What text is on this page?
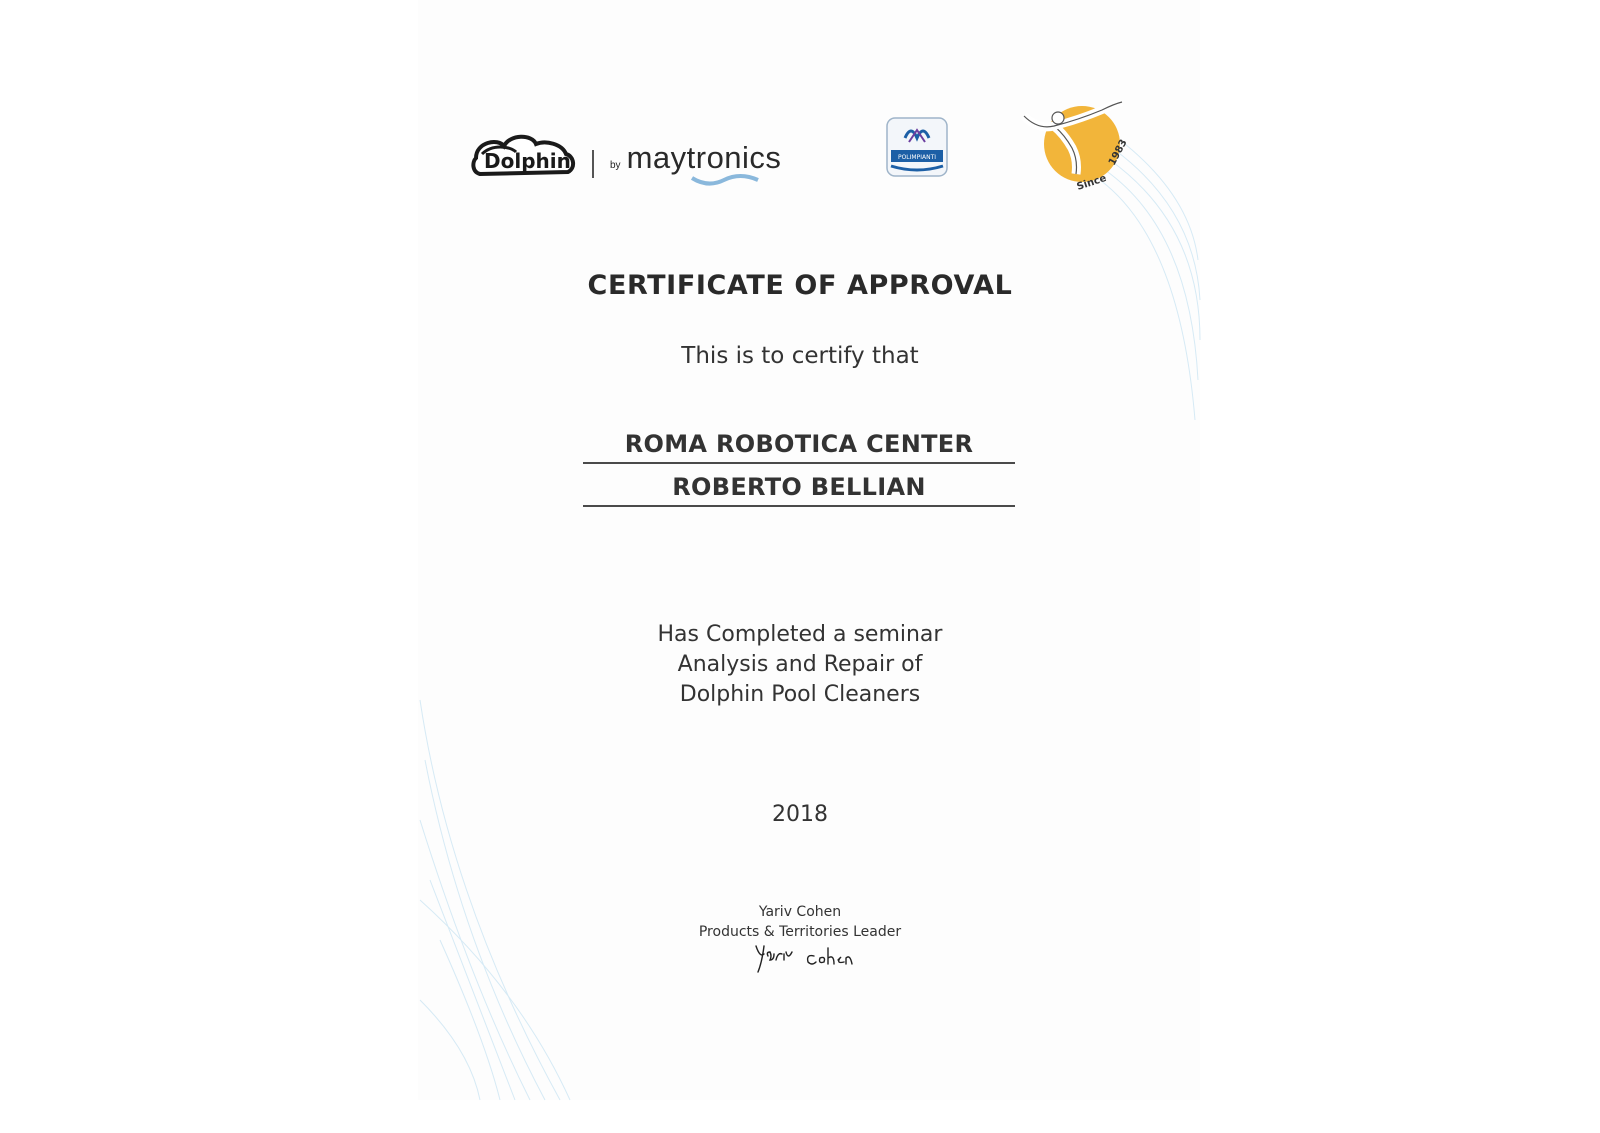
Dolphin	by maytronics	POLIMPIANTI
Since
1983
CERTIFICATE OF APPROVAL
This is to certify that
ROMA ROBOTICA CENTER
ROBERTO BELLIAN
Has Completed a seminar
Analysis and Repair of
Dolphin Pool Cleaners
2018
Yariv Cohen
Products & Territories Leader
